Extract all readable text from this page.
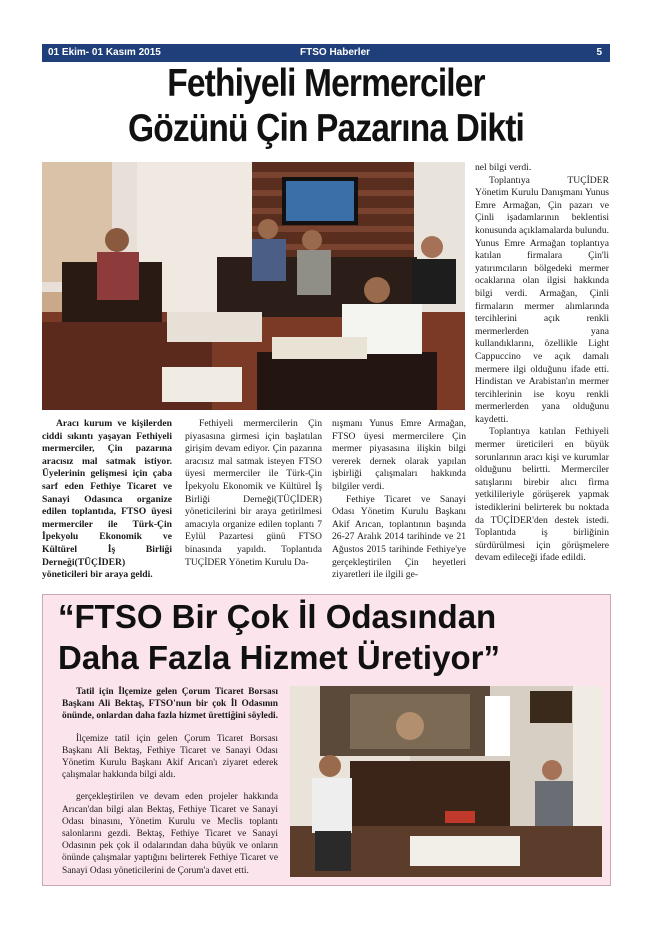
01 Ekim- 01 Kasım 2015	FTSO Haberler	5
Fethiyeli Mermerciler
Gözünü Çin Pazarına Dikti

Aracı kurum ve kişilerden ciddi sıkıntı yaşayan Fethiyeli mermerciler, Çin pazarına aracısız mal satmak istiyor. Üyelerinin gelişmesi için çaba sarf eden Fethiye Ticaret ve Sanayi Odasınca organize edilen toplantıda, FTSO üyesi mermerciler ile Türk-Çin İpekyolu Ekonomik ve Kültürel İş Birliği Derneği(TÜÇİDER) yöneticileri bir araya geldi.

Fethiyeli mermercilerin Çin piyasasına girmesi için başlatılan girişim devam ediyor. Çin pazarına aracısız mal satmak isteyen FTSO üyesi mermerciler ile Türk-Çin İpekyolu Ekonomik ve Kültürel İş Birliği Derneği(TÜÇİDER) yöneticilerini bir araya getirilmesi amacıyla organize edilen toplantı 7 Eylül Pazartesi günü FTSO binasında yapıldı. Toplantıda TUÇİDER Yönetim Kurulu Da-

nışmanı Yunus Emre Armağan, FTSO üyesi mermercilere Çin mermer piyasasına ilişkin bilgi vererek dernek olarak yapılan işbirliği çalışmaları hakkında bilgiler verdi.

Fethiye Ticaret ve Sanayi Odası Yönetim Kurulu Başkanı Akif Arıcan, toplantının başında 26-27 Aralık 2014 tarihinde ve 21 Ağustos 2015 tarihinde Fethiye'ye gerçekleştirilen Çin heyetleri ziyaretleri ile ilgili ge-

nel bilgi verdi.

Toplantıya TUÇİDER Yönetim Kurulu Danışmanı Yunus Emre Armağan, Çin pazarı ve Çinli işadamlarının beklentisi konusunda açıklamalarda bulundu. Yunus Emre Armağan toplantıya katılan firmalara Çin'li yatırımcıların bölgedeki mermer ocaklarına olan ilgisi hakkında bilgi verdi. Armağan, Çinli firmaların mermer alımlarında tercihlerini açık renkli mermerlerden yana kullandıklarını, özellikle Light Cappuccino ve açık damalı mermere ilgi olduğunu ifade etti. Hindistan ve Arabistan'ın mermer tercihlerinin ise koyu renkli mermerlerden yana olduğunu kaydetti.

Toplantıya katılan Fethiyeli mermer üreticileri en büyük sorunlarının aracı kişi ve kurumlar olduğunu belirtti. Mermerciler satışlarını birebir alıcı firma yetkilileriyle görüşerek yapmak istediklerini belirterek bu noktada da TÜÇİDER'den destek istedi. Toplantıda iş birliğinin sürdürülmesi için görüşmelere devam edileceği ifade edildi.

“FTSO Bir Çok İl Odasından
Daha Fazla Hizmet Üretiyor”

Tatil için İlçemize gelen Çorum Ticaret Borsası Başkanı Ali Bektaş, FTSO'nun bir çok İl Odasının önünde, onlardan daha fazla hizmet ürettiğini söyledi.

İlçemize tatil için gelen Çorum Ticaret Borsası Başkanı Ali Bektaş, Fethiye Ticaret ve Sanayi Odası Yönetim Kurulu Başkanı Akif Arıcan'ı ziyaret ederek çalışmalar hakkında bilgi aldı.

gerçekleştirilen ve devam eden projeler hakkında Arıcan'dan bilgi alan Bektaş, Fethiye Ticaret ve Sanayi Odası binasını, Yönetim Kurulu ve Meclis toplantı salonlarını gezdi. Bektaş, Fethiye Ticaret ve Sanayi Odasının pek çok il odalarından daha büyük ve onların önünde çalışmalar yaptığını belirterek Fethiye Ticaret ve Sanayi Odası yöneticilerini de Çorum'a davet etti.
